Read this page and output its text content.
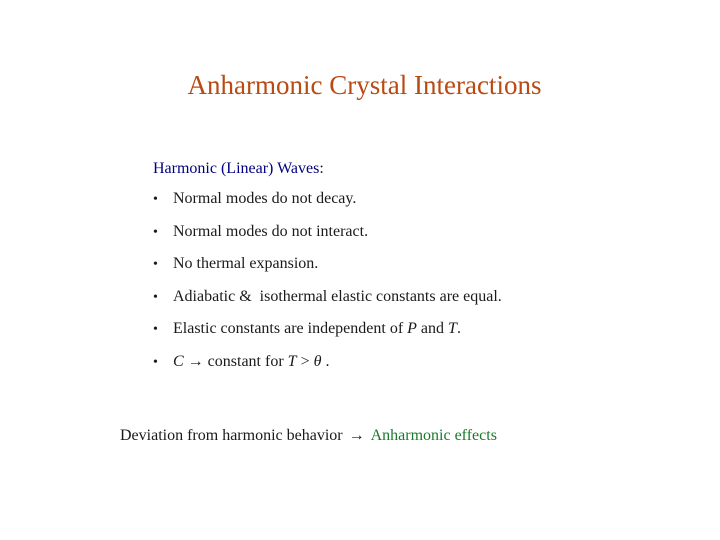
Anharmonic Crystal Interactions
Harmonic (Linear) Waves:
• Normal modes do not decay.
• Normal modes do not interact.
• No thermal expansion.
• Adiabatic &  isothermal elastic constants are equal.
• Elastic constants are independent of P and T.
• C → constant for T > θ .
Deviation from harmonic behavior → Anharmonic effects
